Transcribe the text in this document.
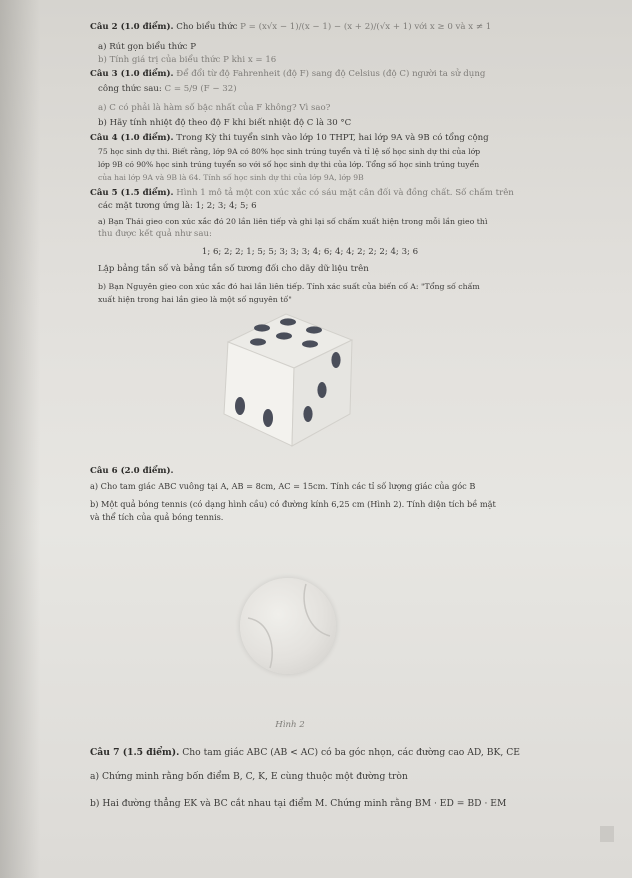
Câu 2 (1.0 điểm). Cho biểu thức P = (x√x − 1)/(x − 1) − (x + 2)/(√x + 1) với x ≥ 0 và x ≠ 1
a) Rút gọn biểu thức P
b) Tính giá trị của biểu thức P khi x = 16
Câu 3 (1.0 điểm). Để đổi từ độ Fahrenheit (độ F) sang độ Celsius (độ C) người ta sử dụng
công thức sau: C = 5/9 (F − 32)
a) C có phải là hàm số bậc nhất của F không? Vì sao?
b) Hãy tính nhiệt độ theo độ F khi biết nhiệt độ C là 30 °C
Câu 4 (1.0 điểm). Trong Kỳ thi tuyển sinh vào lớp 10 THPT, hai lớp 9A và 9B có tổng cộng
75 học sinh dự thi. Biết rằng, lớp 9A có 80% học sinh trúng tuyển và tỉ lệ số học sinh dự thi của lớp
lớp 9B có 90% học sinh trúng tuyển so với số học sinh dự thi của lớp. Tổng số học sinh trúng tuyển
của hai lớp 9A và 9B là 64. Tính số học sinh dự thi của lớp 9A, lớp 9B
Câu 5 (1.5 điểm). Hình 1 mô tả một con xúc xắc có sáu mặt cân đối và đồng chất. Số chấm trên
các mặt tương ứng là: 1; 2; 3; 4; 5; 6
a) Bạn Thái gieo con xúc xắc đó 20 lần liên tiếp và ghi lại số chấm xuất hiện trong mỗi lần gieo thì
thu được kết quả như sau:
1; 6; 2; 2; 1; 5; 5; 3; 3; 3; 4; 6; 4; 4; 2; 2; 2; 4; 3; 6
Lập bảng tần số và bảng tần số tương đối cho dãy dữ liệu trên
b) Bạn Nguyên gieo con xúc xắc đó hai lần liên tiếp. Tính xác suất của biến cố A: "Tổng số chấm
xuất hiện trong hai lần gieo là một số nguyên tố"
Câu 6 (2.0 điểm).
a) Cho tam giác ABC vuông tại A, AB = 8cm, AC = 15cm. Tính các tỉ số lượng giác của góc B
b) Một quả bóng tennis (có dạng hình cầu) có đường kính 6,25 cm (Hình 2). Tính diện tích bề mặt
và thể tích của quả bóng tennis.
Hình 2
Câu 7 (1.5 điểm). Cho tam giác ABC (AB < AC) có ba góc nhọn, các đường cao AD, BK, CE
a) Chứng minh rằng bốn điểm B, C, K, E cùng thuộc một đường tròn
b) Hai đường thẳng EK và BC cắt nhau tại điểm M. Chứng minh rằng BM · ED = BD · EM
